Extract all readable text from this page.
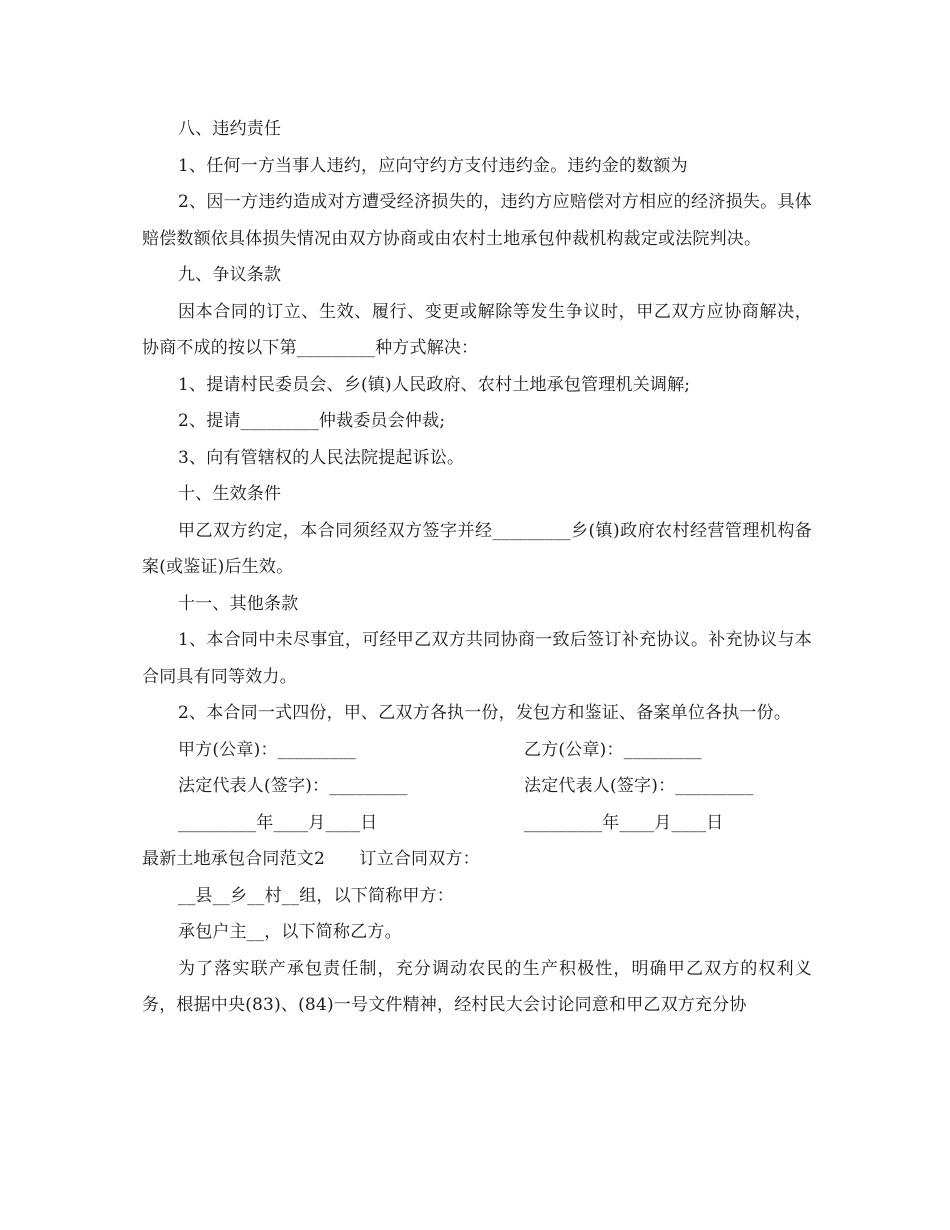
八、违约责任

1、任何一方当事人违约，应向守约方支付违约金。违约金的数额为

2、因一方违约造成对方遭受经济损失的，违约方应赔偿对方相应的经济损失。具体赔偿数额依具体损失情况由双方协商或由农村土地承包仲裁机构裁定或法院判决。

九、争议条款

因本合同的订立、生效、履行、变更或解除等发生争议时，甲乙双方应协商解决，协商不成的按以下第_________种方式解决：

1、提请村民委员会、乡(镇)人民政府、农村土地承包管理机关调解;

2、提请_________仲裁委员会仲裁;

3、向有管辖权的人民法院提起诉讼。

十、生效条件

甲乙双方约定，本合同须经双方签字并经_________乡(镇)政府农村经营管理机构备案(或鉴证)后生效。

十一、其他条款

1、本合同中未尽事宜，可经甲乙双方共同协商一致后签订补充协议。补充协议与本合同具有同等效力。

2、本合同一式四份，甲、乙双方各执一份，发包方和鉴证、备案单位各执一份。

甲方(公章)：_________	乙方(公章)：_________
法定代表人(签字)：_________	法定代表人(签字)：_________
_________年____月____日	_________年____月____日

最新土地承包合同范文2　　订立合同双方：

__县__乡__村__组，以下简称甲方：

承包户主__，以下简称乙方。

为了落实联产承包责任制，充分调动农民的生产积极性，明确甲乙双方的权利义务，根据中央(83)、(84)一号文件精神，经村民大会讨论同意和甲乙双方充分协
